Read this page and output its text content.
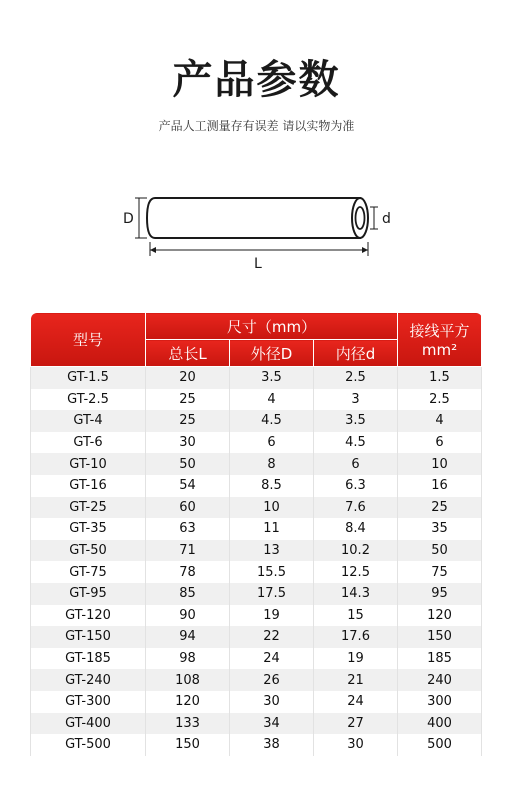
产品参数
产品人工测量存有误差 请以实物为准
D	d
L
型号	尺寸（mm）			接线平方
mm²

	总长L	外径D	内径d	
GT-1.5	20	3.5	2.5	1.5
GT-2.5	25	4	3	2.5
GT-4	25	4.5	3.5	4
GT-6	30	6	4.5	6
GT-10	50	8	6	10
GT-16	54	8.5	6.3	16
GT-25	60	10	7.6	25
GT-35	63	11	8.4	35
GT-50	71	13	10.2	50
GT-75	78	15.5	12.5	75
GT-95	85	17.5	14.3	95
GT-120	90	19	15	120
GT-150	94	22	17.6	150
GT-185	98	24	19	185
GT-240	108	26	21	240
GT-300	120	30	24	300
GT-400	133	34	27	400
GT-500	150	38	30	500
